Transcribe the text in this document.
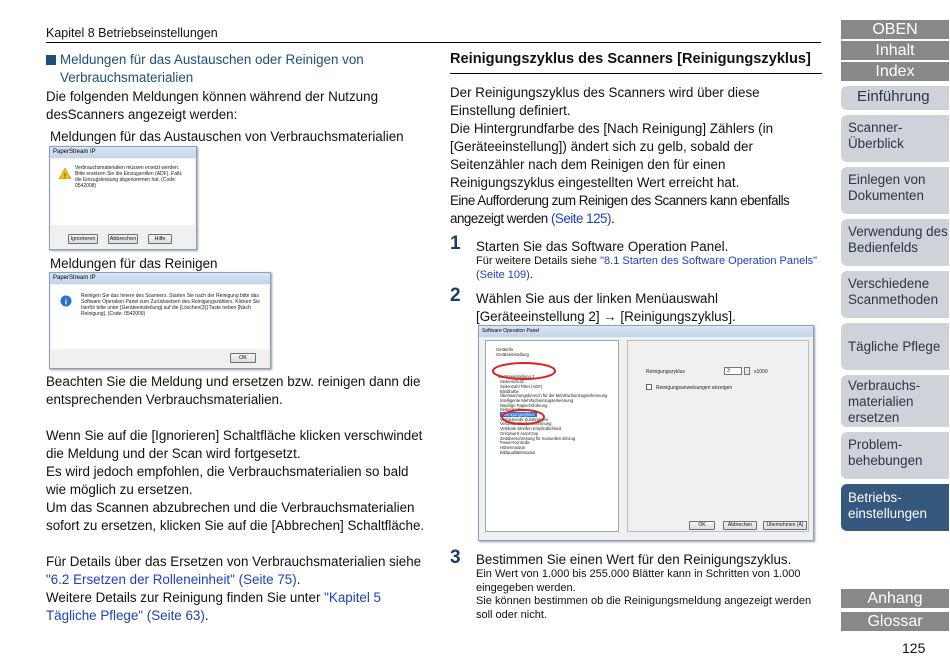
Kapitel 8 Betriebseinstellungen
Meldungen für das Austauschen oder Reinigen von Verbrauchsmaterialien
Die folgenden Meldungen können während der Nutzung desScanners angezeigt werden:
Meldungen für das Austauschen von Verbrauchsmaterialien
PaperStream IP
!
Verbrauchsmaterialien müssen ersetzt werden. Bitte ersetzen Sie die Einzugsrollen (ADF). Falls die Einzugsleistung abgenommen hat. (Code: 0542008)
Ignorieren	Abbrechen	Hilfe
Meldungen für das Reinigen
PaperStream IP
i
Reinigen Sie das Innere des Scanners. Starten Sie nach der Reinigung bitte das Software Operation Panel zum Zurücksetzen des Reinigungszählers. Klicken Sie hierfür bitte unter [Geräteeinstellung] auf die [Löschen(3)] Taste neben [Nach Reinigung]. (Code: 0542009)
OK
Beachten Sie die Meldung und ersetzen bzw. reinigen dann die entsprechenden Verbrauchsmaterialien.
Wenn Sie auf die [Ignorieren] Schaltfläche klicken verschwindet die Meldung und der Scan wird fortgesetzt.
Es wird jedoch empfohlen, die Verbrauchsmaterialien so bald wie möglich zu ersetzen.
Um das Scannen abzubrechen und die Verbrauchsmaterialien sofort zu ersetzen, klicken Sie auf die [Abbrechen] Schaltfläche.
Für Details über das Ersetzen von Verbrauchsmaterialien siehe "6.2 Ersetzen der Rolleneinheit" (Seite 75).
Weitere Details zur Reinigung finden Sie unter "Kapitel 5 Tägliche Pflege" (Seite 63).
Reinigungszyklus des Scanners [Reinigungszyklus]
Der Reinigungszyklus des Scanners wird über diese Einstellung definiert.
Die Hintergrundfarbe des [Nach Reinigung] Zählers (in [Geräteeinstellung]) ändert sich zu gelb, sobald der Seitenzähler nach dem Reinigen den für einen Reinigungszyklus eingestellten Wert erreicht hat.
Eine Aufforderung zum Reinigen des Scanners kann ebenfalls angezeigt werden (Seite 125).
1 Starten Sie das Software Operation Panel.
Für weitere Details siehe "8.1 Starten des Software Operation Panels" (Seite 109).
2 Wählen Sie aus der linken Menüauswahl [Geräteeinstellung 2] → [Reinigungszyklus].
Software Operation Panel
Gerätinfo
Geräteeinstellung
Geräteeinstellung 2
Seitenschutz
Seitenzahl Filter (ADF)
Blindfarbe
Überwachungsbereich für die Mehrfacheinzugserkennung
Intelligente Mehrfacheinzugserkennung
Niedrige Papierzuführung
Seitenmarke
Reinigungszyklus
Vorrückende Zufuhrstufen
Vertikale Streifenerkennung
Vertikale Streifen Empfindlichkeit
Grenzwert AutoCrop
Zeitüberschreitung für manuellen Einzug
Power-Kontrolle
Höhenmodus
Bildqualitätsmodus
Reinigungszyklus	3	x1000
Reinigungsanweisungen anzeigen
OK	Abbrechen	Übernehmen (A)
3 Bestimmen Sie einen Wert für den Reinigungszyklus.
Ein Wert von 1.000 bis 255.000 Blätter kann in Schritten von 1.000 eingegeben werden.
Sie können bestimmen ob die Reinigungsmeldung angezeigt werden soll oder nicht.
OBEN
Inhalt
Index
Einführung
Scanner-Überblick
Einlegen von Dokumenten
Verwendung des Bedienfelds
Verschiedene Scanmethoden
Tägliche Pflege
Verbrauchs-materialien ersetzen
Problem-behebungen
Betriebs-einstellungen
Anhang
Glossar
125
